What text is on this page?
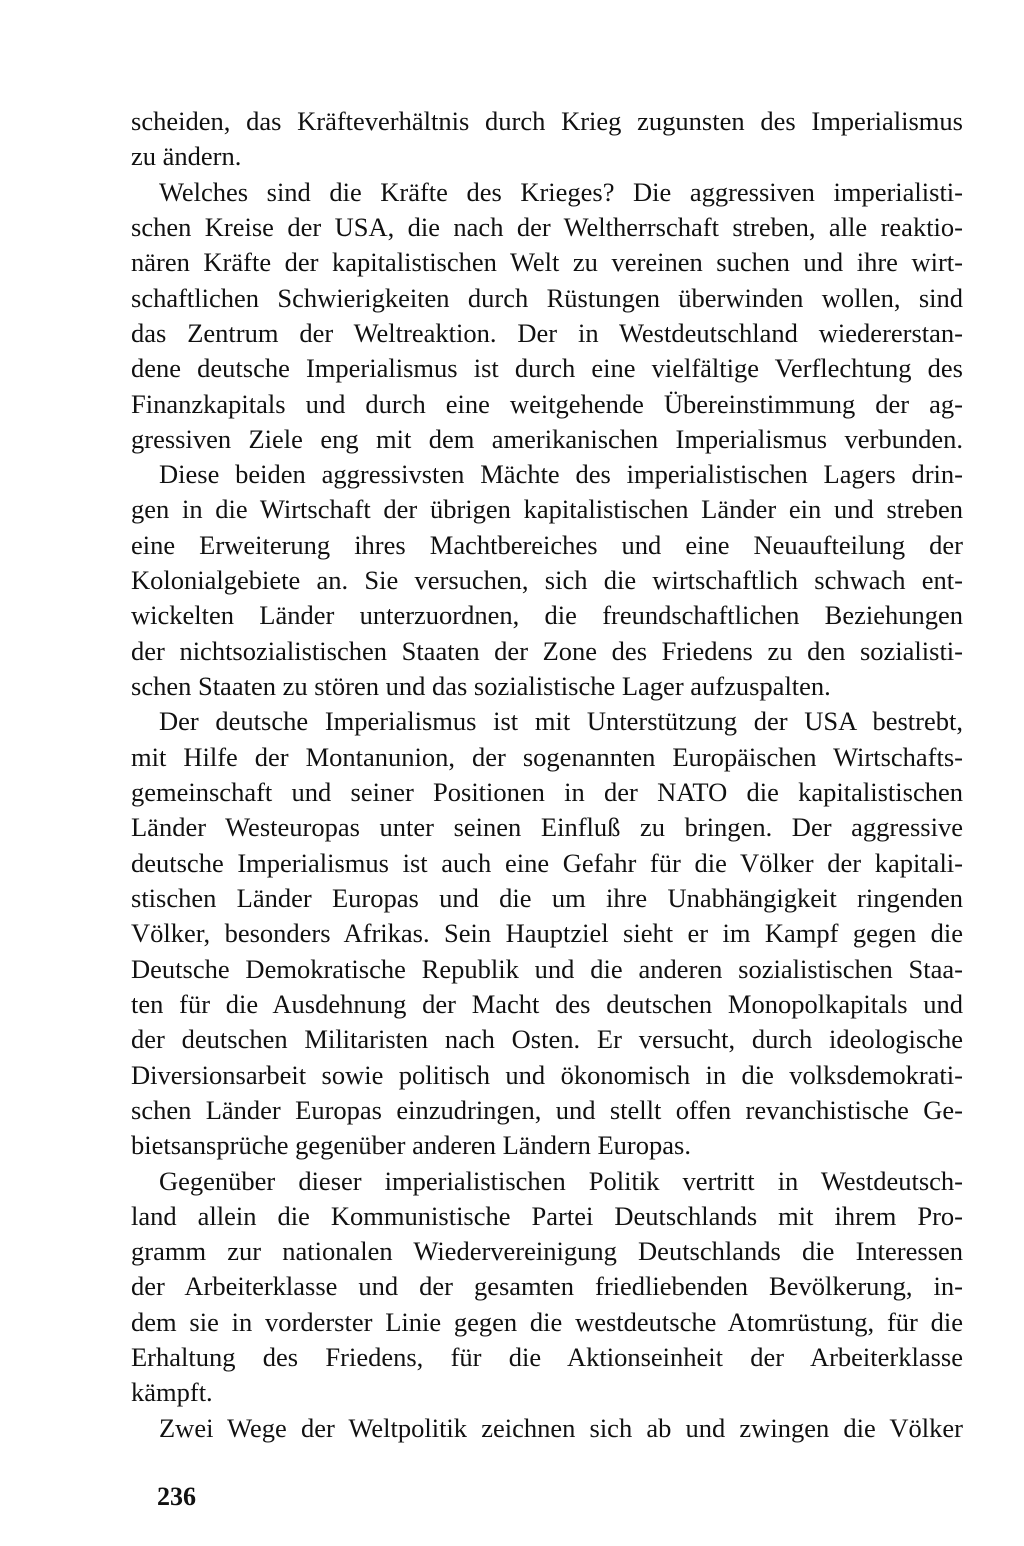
scheiden, das Kräfteverhältnis durch Krieg zugunsten des Imperialismus
zu ändern.
Welches sind die Kräfte des Krieges? Die aggressiven imperialisti-
schen Kreise der USA, die nach der Weltherrschaft streben, alle reaktio-
nären Kräfte der kapitalistischen Welt zu vereinen suchen und ihre wirt-
schaftlichen Schwierigkeiten durch Rüstungen überwinden wollen, sind
das Zentrum der Weltreaktion. Der in Westdeutschland wiedererstan-
dene deutsche Imperialismus ist durch eine vielfältige Verflechtung des
Finanzkapitals und durch eine weitgehende Übereinstimmung der ag-
gressiven Ziele eng mit dem amerikanischen Imperialismus verbunden.
Diese beiden aggressivsten Mächte des imperialistischen Lagers drin-
gen in die Wirtschaft der übrigen kapitalistischen Länder ein und streben
eine Erweiterung ihres Machtbereiches und eine Neuaufteilung der
Kolonialgebiete an. Sie versuchen, sich die wirtschaftlich schwach ent-
wickelten Länder unterzuordnen, die freundschaftlichen Beziehungen
der nichtsozialistischen Staaten der Zone des Friedens zu den sozialisti-
schen Staaten zu stören und das sozialistische Lager aufzuspalten.
Der deutsche Imperialismus ist mit Unterstützung der USA bestrebt,
mit Hilfe der Montanunion, der sogenannten Europäischen Wirtschafts-
gemeinschaft und seiner Positionen in der NATO die kapitalistischen
Länder Westeuropas unter seinen Einfluß zu bringen. Der aggressive
deutsche Imperialismus ist auch eine Gefahr für die Völker der kapitali-
stischen Länder Europas und die um ihre Unabhängigkeit ringenden
Völker, besonders Afrikas. Sein Hauptziel sieht er im Kampf gegen die
Deutsche Demokratische Republik und die anderen sozialistischen Staa-
ten für die Ausdehnung der Macht des deutschen Monopolkapitals und
der deutschen Militaristen nach Osten. Er versucht, durch ideologische
Diversionsarbeit sowie politisch und ökonomisch in die volksdemokrati-
schen Länder Europas einzudringen, und stellt offen revanchistische Ge-
bietsansprüche gegenüber anderen Ländern Europas.
Gegenüber dieser imperialistischen Politik vertritt in Westdeutsch-
land allein die Kommunistische Partei Deutschlands mit ihrem Pro-
gramm zur nationalen Wiedervereinigung Deutschlands die Interessen
der Arbeiterklasse und der gesamten friedliebenden Bevölkerung, in-
dem sie in vorderster Linie gegen die westdeutsche Atomrüstung, für die
Erhaltung des Friedens, für die Aktionseinheit der Arbeiterklasse
kämpft.
Zwei Wege der Weltpolitik zeichnen sich ab und zwingen die Völker
236
